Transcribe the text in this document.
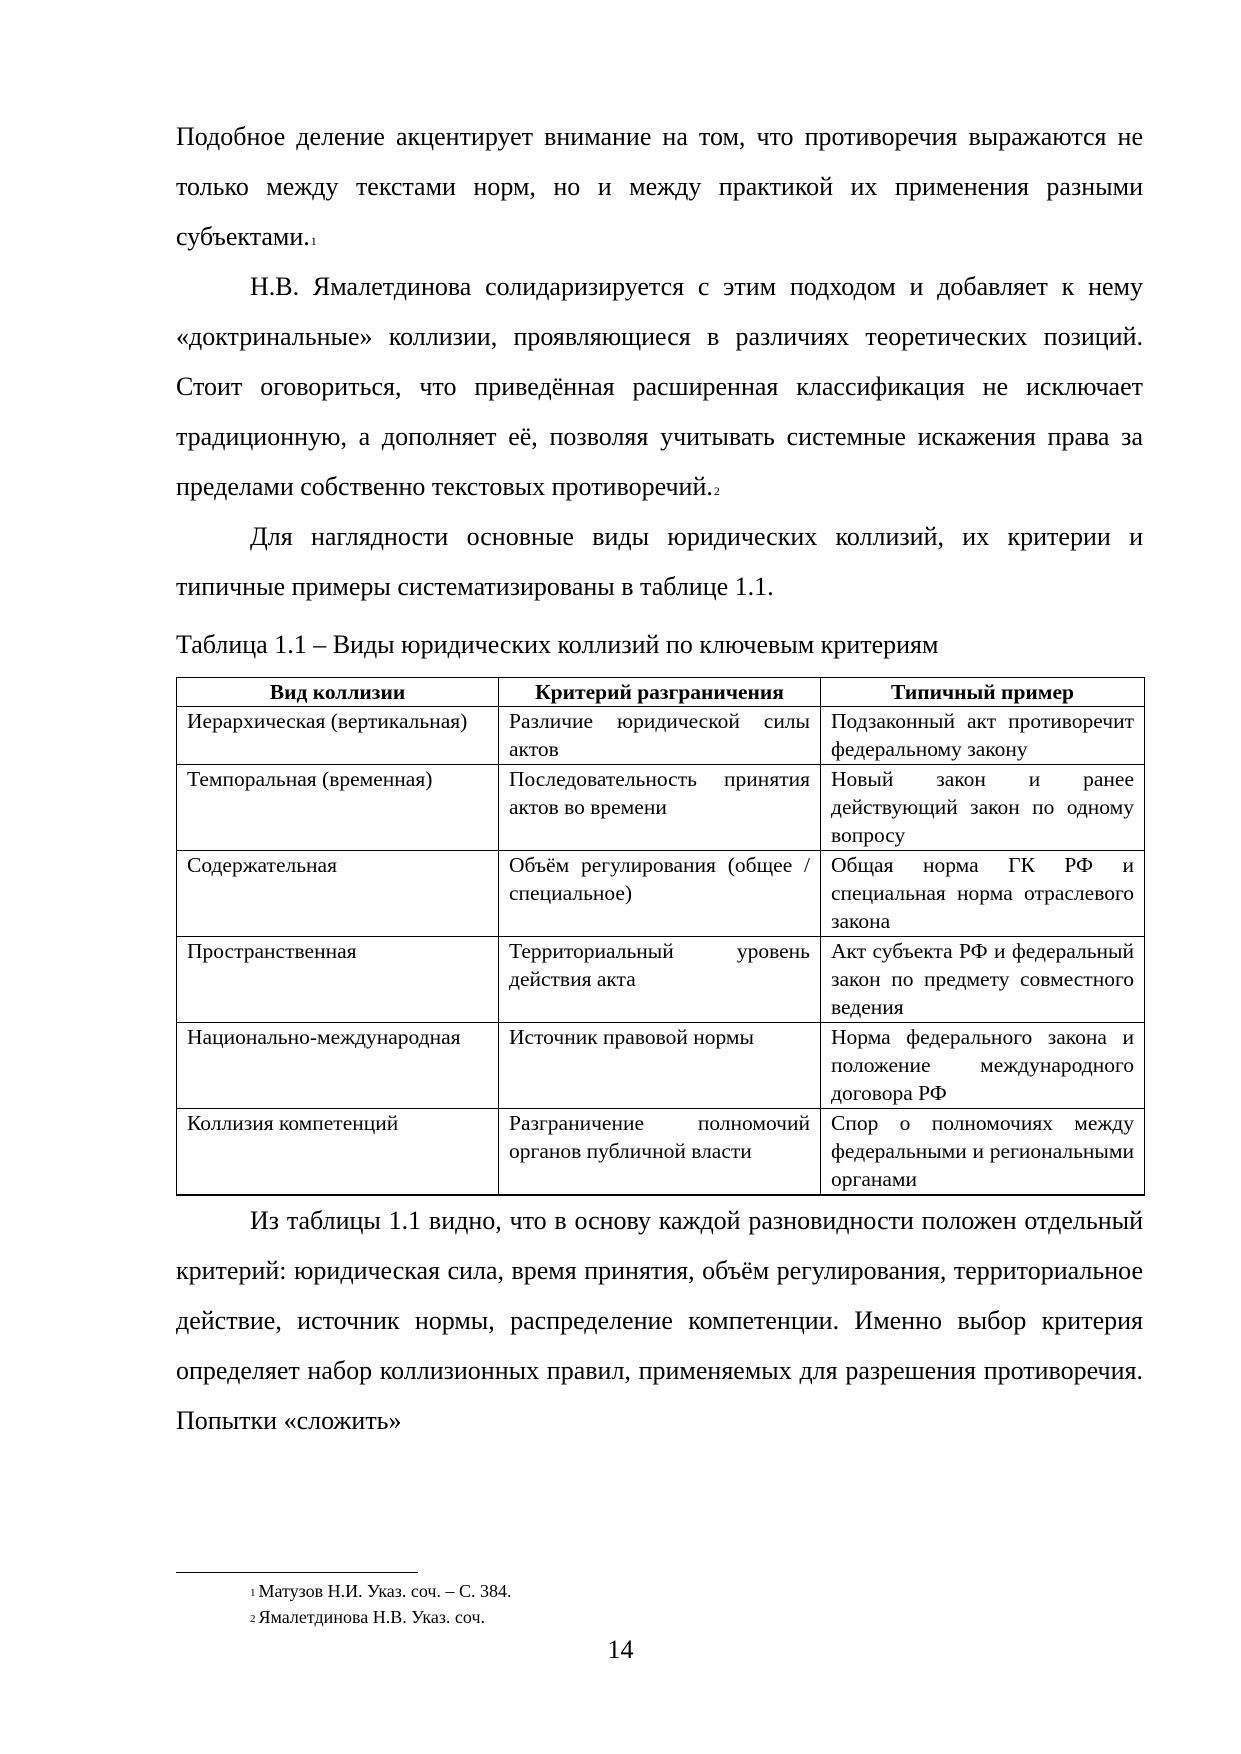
Подобное деление акцентирует внимание на том, что противоречия выражаются не только между текстами норм, но и между практикой их применения разными субъектами.$^1$

Н.В. Ямалетдинова солидаризируется с этим подходом и добавляет к нему «доктринальные» коллизии, проявляющиеся в различиях теоретических позиций. Стоит оговориться, что приведённая расширенная классификация не исключает традиционную, а дополняет её, позволяя учитывать системные искажения права за пределами собственно текстовых противоречий.$^2$

Для наглядности основные виды юридических коллизий, их критерии и типичные примеры систематизированы в таблице 1.1.

Таблица 1.1 – Виды юридических коллизий по ключевым критериям
Вид коллизии	Критерий разграничения	Типичный пример
Иерархическая (вертикальная)	Различие юридической силы актов	Подзаконный акт противоречит федеральному закону
Темпоральная (временная)	Последовательность принятия актов во времени	Новый закон и ранее действующий закон по одному вопросу
Содержательная	Объём регулирования (общее / специальное)	Общая норма ГК РФ и специальная норма отраслевого закона
Пространственная	Территориальный уровень действия акта	Акт субъекта РФ и федеральный закон по предмету совместного ведения
Национально-международная	Источник правовой нормы	Норма федерального закона и положение международного договора РФ
Коллизия компетенций	Разграничение полномочий органов публичной власти	Спор о полномочиях между федеральными и региональными органами

Из таблицы 1.1 видно, что в основу каждой разновидности положен отдельный критерий: юридическая сила, время принятия, объём регулирования, территориальное действие, источник нормы, распределение компетенции. Именно выбор критерия определяет набор коллизионных правил, применяемых для разрешения противоречия. Попытки «сложить»

$^1$ Матузов Н.И. Указ. соч. – С. 384.
$^2$ Ямалетдинова Н.В. Указ. соч.
14
